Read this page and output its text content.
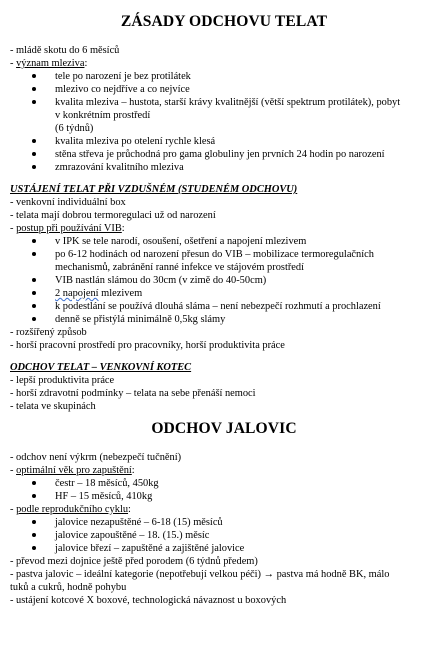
ZÁSADY ODCHOVU TELAT
- mládě skotu do 6 měsíců
- význam mleziva:
tele po narození je bez protilátek
mlezivo co nejdříve a co nejvíce
kvalita mleziva – hustota, starší krávy kvalitnější (větší spektrum protilátek), pobyt
v konkrétním prostředí
(6 týdnů)
kvalita mleziva po otelení rychle klesá
stěna střeva je průchodná pro gama globuliny jen prvních 24 hodin po narození
zmrazování kvalitního mleziva
USTÁJENÍ TELAT PŘI VZDUŠNÉM (STUDENÉM ODCHOVU)
- venkovní individuální box
- telata mají dobrou termoregulaci už od narození
- postup při používání VIB:
v IPK se tele narodí, osoušení, ošetření a napojení mlezivem
po 6-12 hodinách od narození přesun do VIB – mobilizace termoregulačních
mechanismů, zabránění ranné infekce ve stájovém prostředí
VIB nastlán slámou do 30cm (v zimě do 40-50cm)
2 napojení mlezivem
k podestlání se používá dlouhá sláma – není nebezpečí rozhmutí a prochlazení
denně se přistýlá minimálně 0,5kg slámy
- rozšířený způsob
- horší pracovní prostředí pro pracovníky, horší produktivita práce
ODCHOV TELAT – VENKOVNÍ KOTEC
- lepší produktivita práce
- horší zdravotní podmínky – telata na sebe přenáší nemoci
- telata ve skupinách
ODCHOV JALOVIC
- odchov není výkrm (nebezpečí tučnění)
- optimální věk pro zapuštění:
čestr – 18 měsíců, 450kg
HF – 15 měsíců, 410kg
- podle reprodukčního cyklu:
jalovice nezapuštěné – 6-18 (15) měsíců
jalovice zapouštěné – 18. (15.) měsíc
jalovice březí – zapuštěné a zajištěné jalovice
- převod mezi dojnice ještě před porodem (6 týdnů předem)
- pastva jalovic – ideální kategorie (nepotřebují velkou péči) → pastva má hodně BK, málo
tuků a cukrů, hodně pohybu
- ustájení kotcové X boxové, technologická návaznost u boxových
